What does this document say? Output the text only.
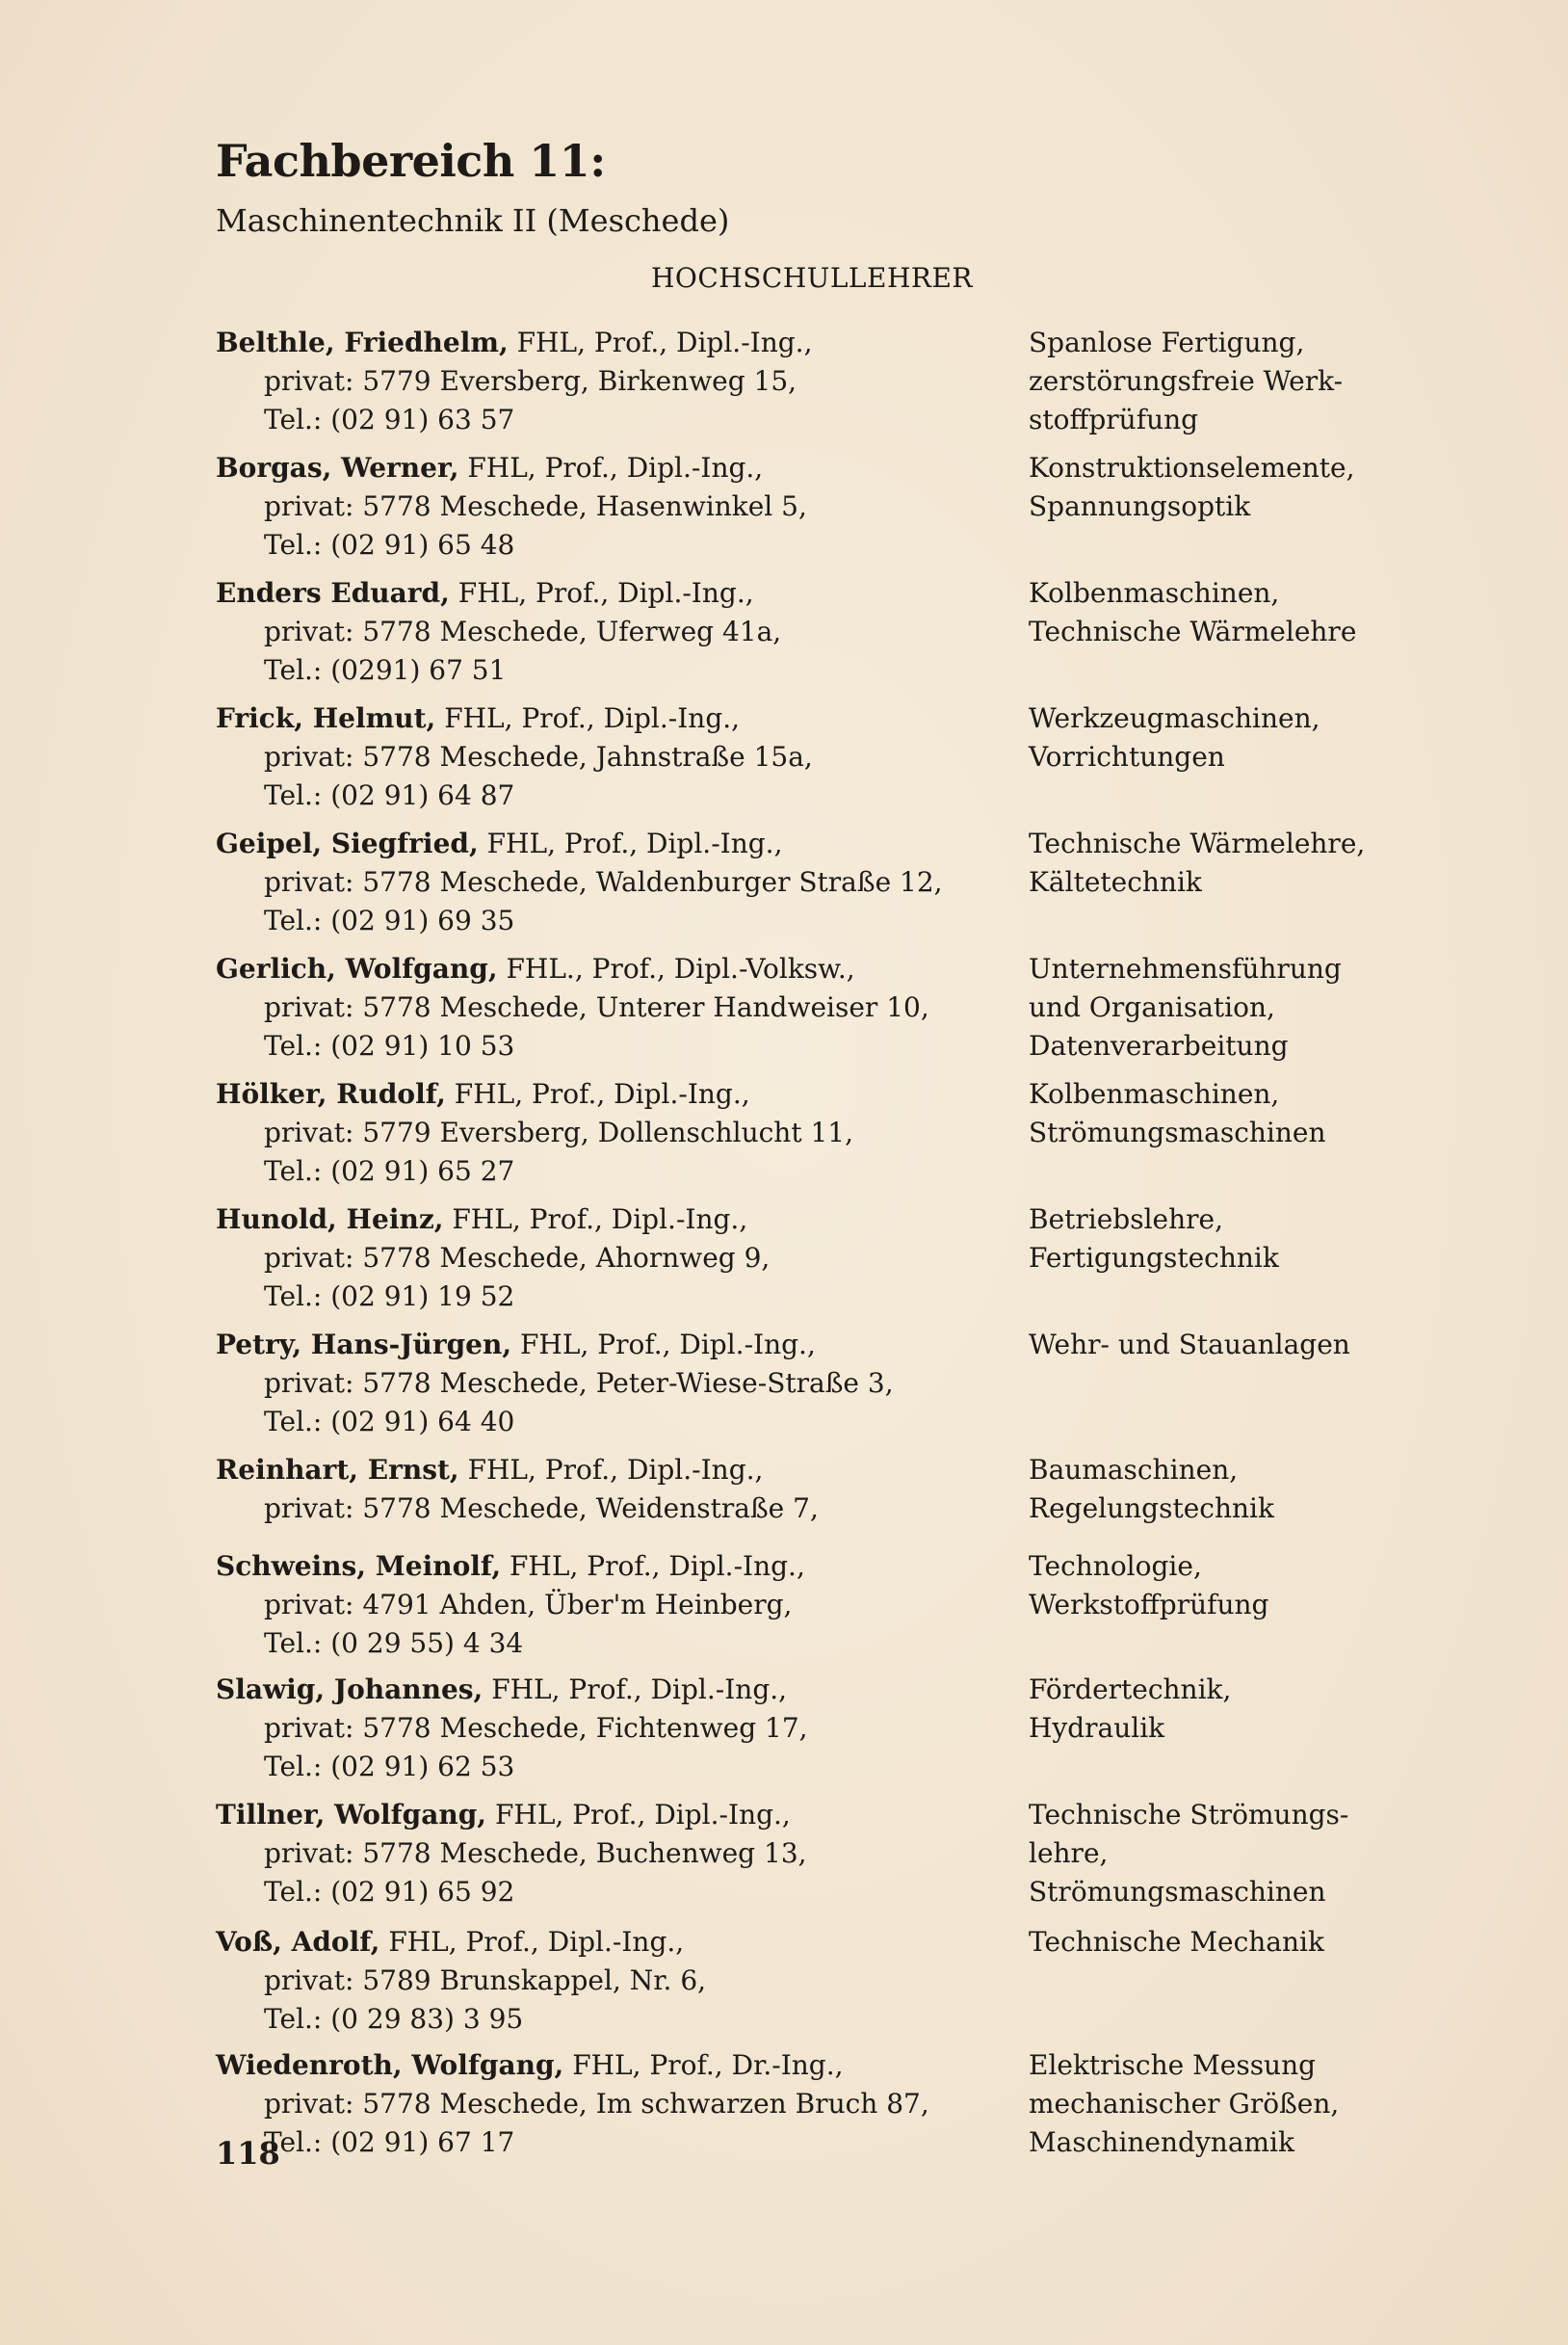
Fachbereich 11:
Maschinentechnik II (Meschede)
HOCHSCHULLEHRER
Belthle, Friedhelm, FHL, Prof., Dipl.-Ing.,
privat: 5779 Eversberg, Birkenweg 15,
Tel.: (02 91) 63 57
Spanlose Fertigung,
zerstörungsfreie Werk-
stoffprüfung
Borgas, Werner, FHL, Prof., Dipl.-Ing.,
privat: 5778 Meschede, Hasenwinkel 5,
Tel.: (02 91) 65 48
Konstruktionselemente,
Spannungsoptik
Enders Eduard, FHL, Prof., Dipl.-Ing.,
privat: 5778 Meschede, Uferweg 41a,
Tel.: (0291) 67 51
Kolbenmaschinen,
Technische Wärmelehre
Frick, Helmut, FHL, Prof., Dipl.-Ing.,
privat: 5778 Meschede, Jahnstraße 15a,
Tel.: (02 91) 64 87
Werkzeugmaschinen,
Vorrichtungen
Geipel, Siegfried, FHL, Prof., Dipl.-Ing.,
privat: 5778 Meschede, Waldenburger Straße 12,
Tel.: (02 91) 69 35
Technische Wärmelehre,
Kältetechnik
Gerlich, Wolfgang, FHL., Prof., Dipl.-Volksw.,
privat: 5778 Meschede, Unterer Handweiser 10,
Tel.: (02 91) 10 53
Unternehmensführung
und Organisation,
Datenverarbeitung
Hölker, Rudolf, FHL, Prof., Dipl.-Ing.,
privat: 5779 Eversberg, Dollenschlucht 11,
Tel.: (02 91) 65 27
Kolbenmaschinen,
Strömungsmaschinen
Hunold, Heinz, FHL, Prof., Dipl.-Ing.,
privat: 5778 Meschede, Ahornweg 9,
Tel.: (02 91) 19 52
Betriebslehre,
Fertigungstechnik
Petry, Hans-Jürgen, FHL, Prof., Dipl.-Ing.,
privat: 5778 Meschede, Peter-Wiese-Straße 3,
Tel.: (02 91) 64 40
Wehr- und Stauanlagen
Reinhart, Ernst, FHL, Prof., Dipl.-Ing.,
privat: 5778 Meschede, Weidenstraße 7,
Baumaschinen,
Regelungstechnik
Schweins, Meinolf, FHL, Prof., Dipl.-Ing.,
privat: 4791 Ahden, Über'm Heinberg,
Tel.: (0 29 55) 4 34
Technologie,
Werkstoffprüfung
Slawig, Johannes, FHL, Prof., Dipl.-Ing.,
privat: 5778 Meschede, Fichtenweg 17,
Tel.: (02 91) 62 53
Fördertechnik,
Hydraulik
Tillner, Wolfgang, FHL, Prof., Dipl.-Ing.,
privat: 5778 Meschede, Buchenweg 13,
Tel.: (02 91) 65 92
Technische Strömungs-
lehre,
Strömungsmaschinen
Voß, Adolf, FHL, Prof., Dipl.-Ing.,
privat: 5789 Brunskappel, Nr. 6,
Tel.: (0 29 83) 3 95
Technische Mechanik
Wiedenroth, Wolfgang, FHL, Prof., Dr.-Ing.,
privat: 5778 Meschede, Im schwarzen Bruch 87,
Tel.: (02 91) 67 17
Elektrische Messung
mechanischer Größen,
Maschinendynamik
118
